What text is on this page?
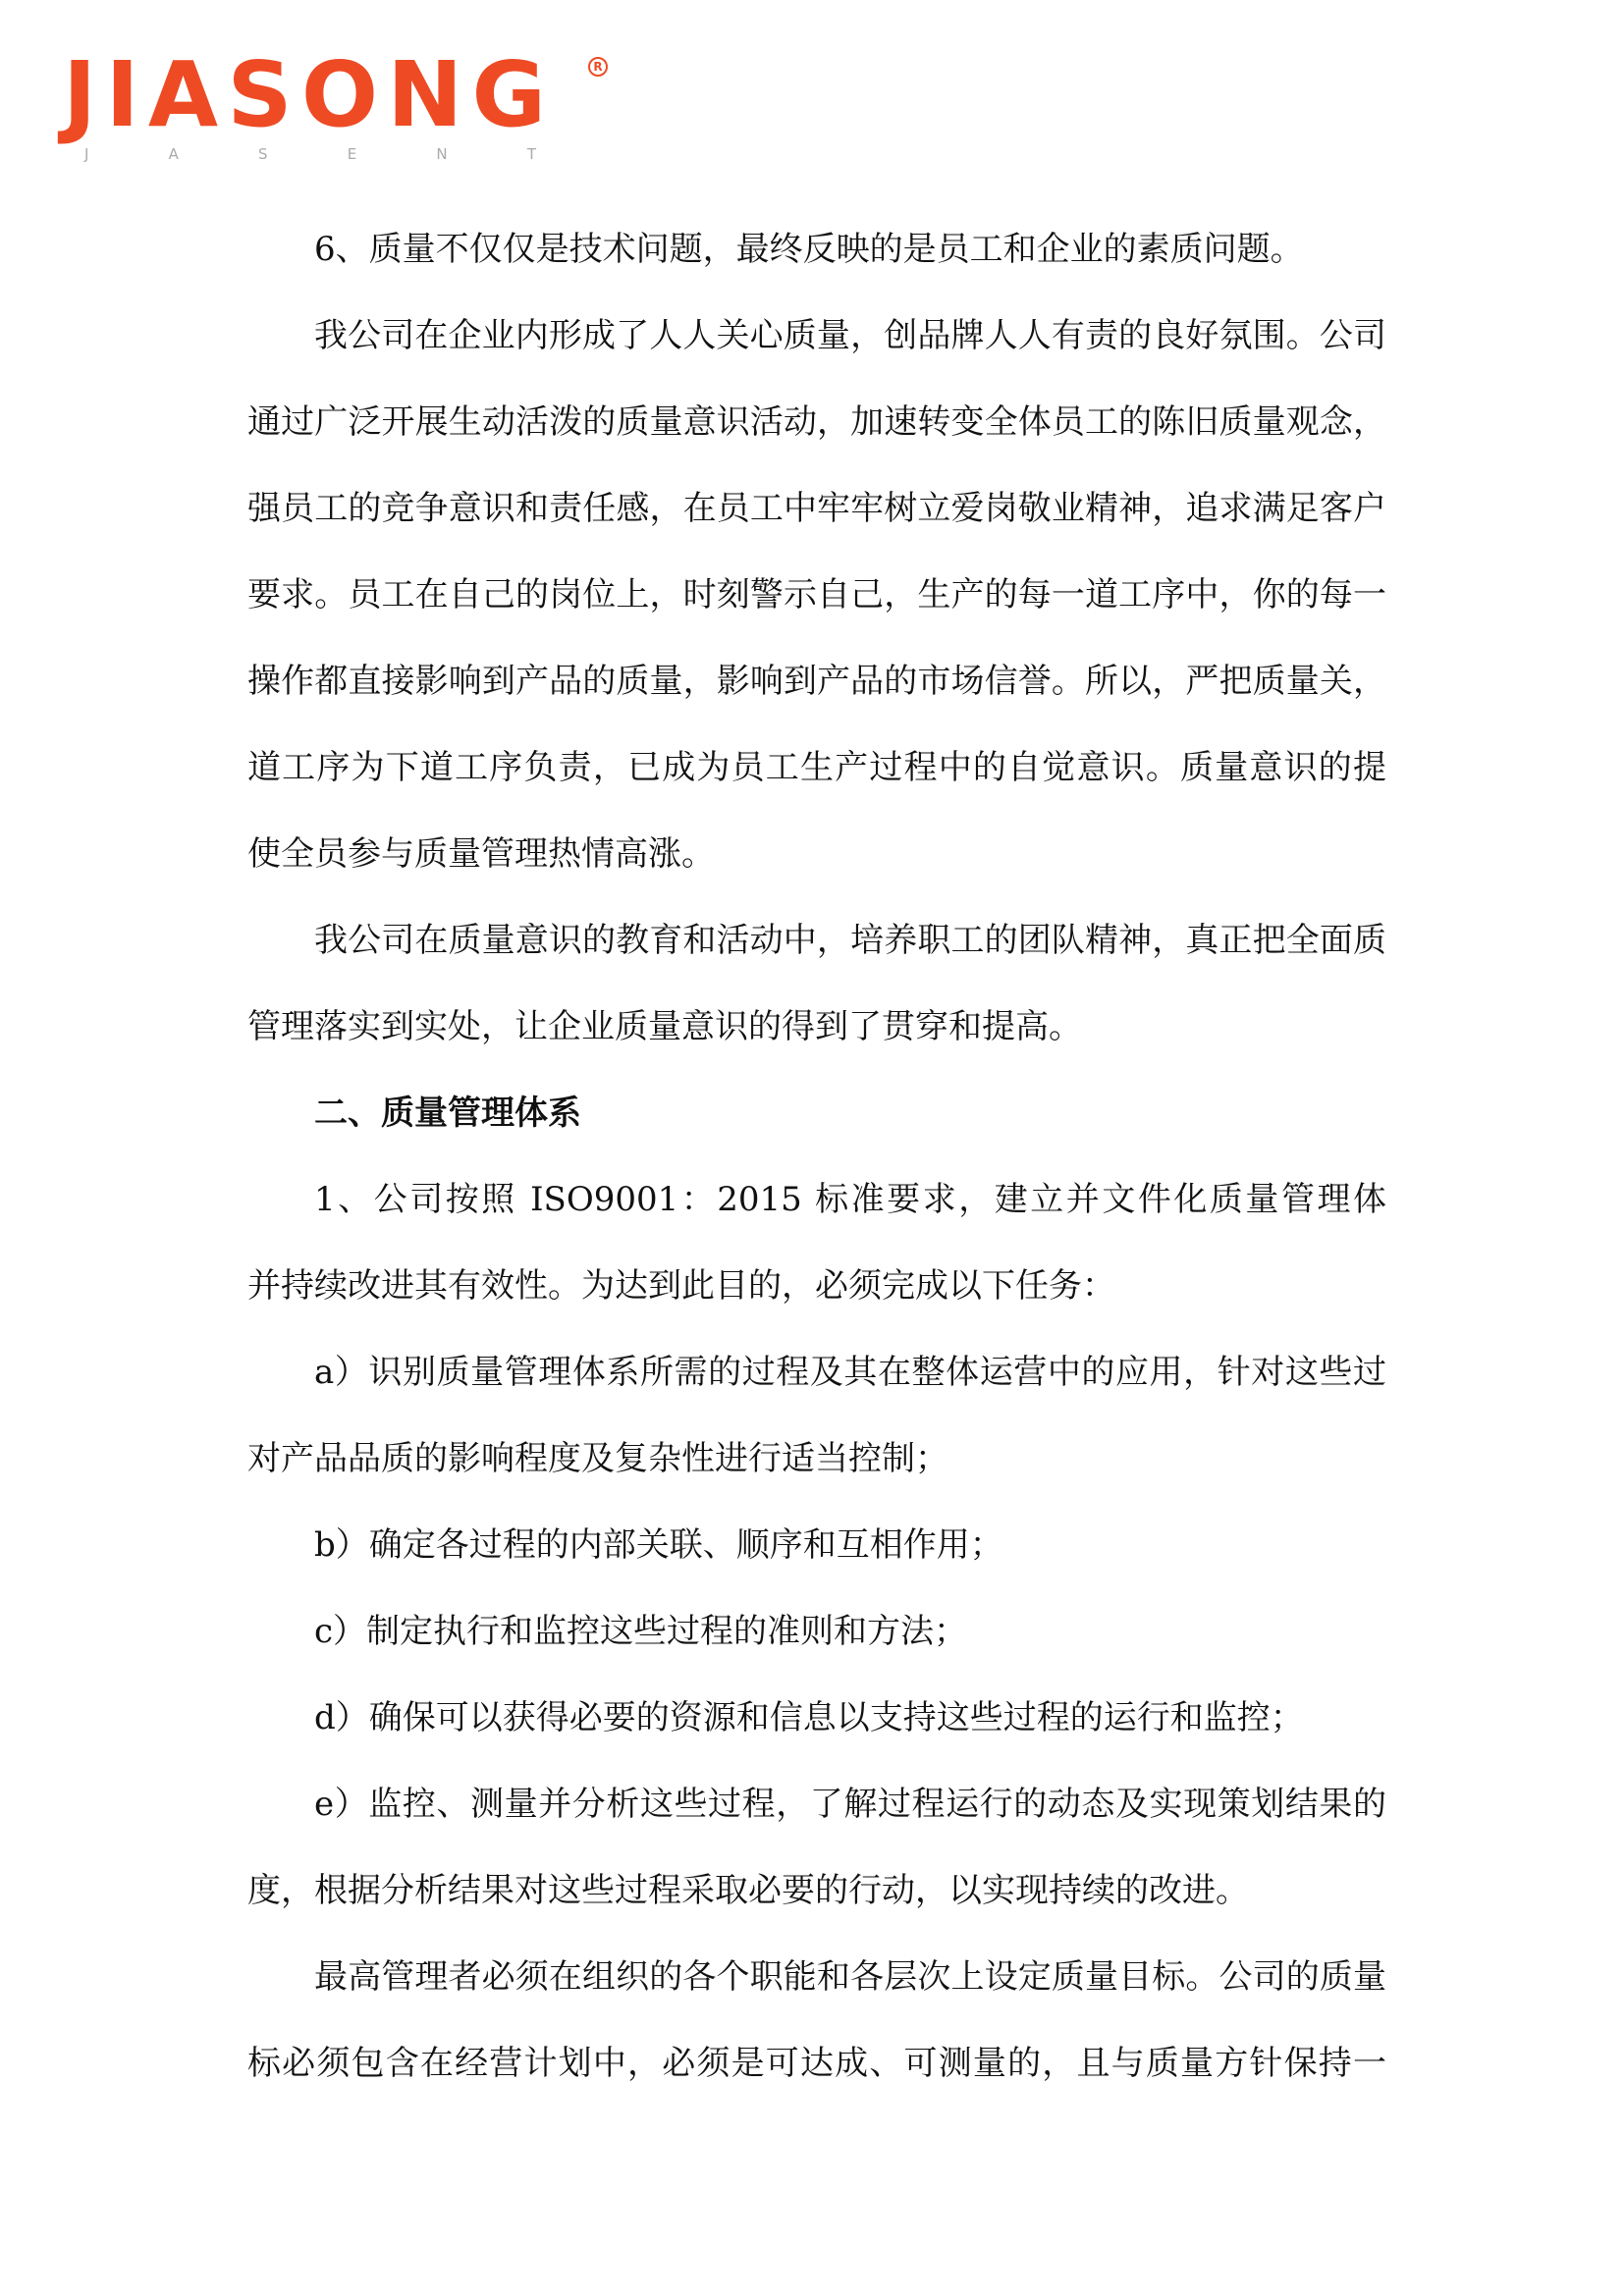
J I A S O N G	R
J	A	S	E	N	T
6、质量不仅仅是技术问题，最终反映的是员工和企业的素质问题。
我公司在企业内形成了人人关心质量，创品牌人人有责的良好氛围。公司
通过广泛开展生动活泼的质量意识活动，加速转变全体员工的陈旧质量观念，
强员工的竞争意识和责任感，在员工中牢牢树立爱岗敬业精神，追求满足客户
要求。员工在自己的岗位上，时刻警示自己，生产的每一道工序中，你的每一
操作都直接影响到产品的质量，影响到产品的市场信誉。所以，严把质量关，
道工序为下道工序负责，已成为员工生产过程中的自觉意识。质量意识的提
使全员参与质量管理热情高涨。
我公司在质量意识的教育和活动中，培养职工的团队精神，真正把全面质
管理落实到实处，让企业质量意识的得到了贯穿和提高。
二、质量管理体系
1、公司按照 ISO9001：2015 标准要求，建立并文件化质量管理体
并持续改进其有效性。为达到此目的，必须完成以下任务：
a）识别质量管理体系所需的过程及其在整体运营中的应用，针对这些过
对产品品质的影响程度及复杂性进行适当控制；
b）确定各过程的内部关联、顺序和互相作用；
c）制定执行和监控这些过程的准则和方法；
d）确保可以获得必要的资源和信息以支持这些过程的运行和监控；
e）监控、测量并分析这些过程，了解过程运行的动态及实现策划结果的
度，根据分析结果对这些过程采取必要的行动，以实现持续的改进。
最高管理者必须在组织的各个职能和各层次上设定质量目标。公司的质量
标必须包含在经营计划中，必须是可达成、可测量的，且与质量方针保持一
